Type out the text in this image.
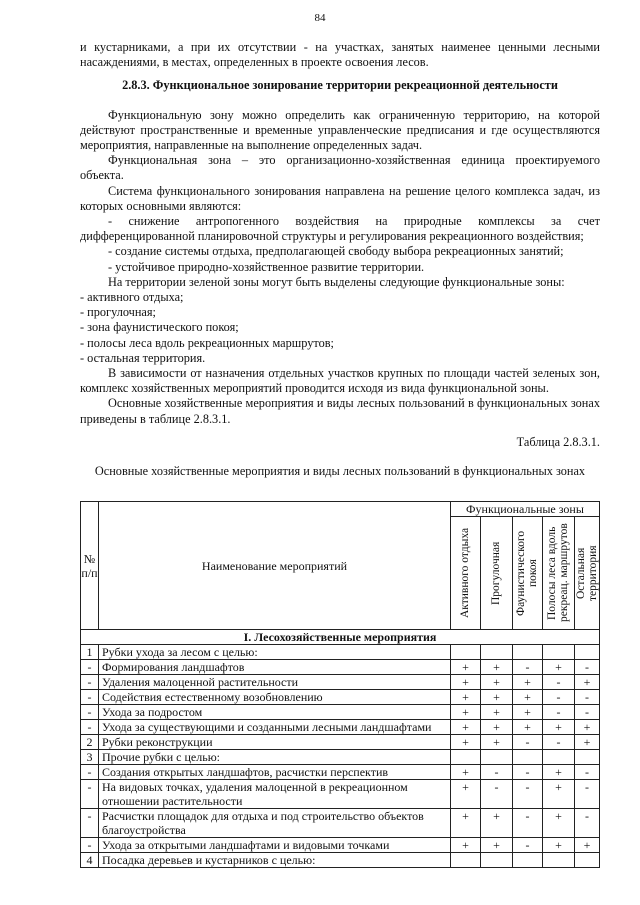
84

и кустарниками, а при их отсутствии - на участках, занятых наименее ценными лесными насаждениями, в местах, определенных в проекте освоения лесов.

2.8.3. Функциональное зонирование территории рекреационной деятельности

Функциональную зону можно определить как ограниченную территорию, на которой действуют пространственные и временные управленческие предписания и где осуществляются мероприятия, направленные на выполнение определенных задач.

Функциональная зона – это организационно-хозяйственная единица проектируемого объекта.

Система функционального зонирования направлена на решение целого комплекса задач, из которых основными являются:

- снижение антропогенного воздействия на природные комплексы за счет дифференцированной планировочной структуры и регулирования рекреационного воздействия;

- создание системы отдыха, предполагающей свободу выбора рекреационных занятий;

- устойчивое природно-хозяйственное развитие территории.

На территории зеленой зоны могут быть выделены следующие функциональные зоны:

- активного отдыха;

- прогулочная;

- зона фаунистического покоя;

- полосы леса вдоль рекреационных маршрутов;

- остальная территория.

В зависимости от назначения отдельных участков крупных по площади частей зеленых зон, комплекс хозяйственных мероприятий проводится исходя из вида функциональной зоны.

Основные хозяйственные мероприятия и виды лесных пользований в функциональных зонах приведены в таблице 2.8.3.1.

Таблица 2.8.3.1.

Основные хозяйственные мероприятия и виды лесных пользований в функциональных зонах

№ п/п	Наименование мероприятий	Функциональные зоны				

		Активного отдыха	Прогулочная	Фаунистического покоя	Полосы леса вдоль рекреац. маршрутов	Остальная территория

I. Лесохозяйственные мероприятия						
1	Рубки ухода за лесом с целью:					
-	Формирования ландшафтов	+	+	-	+	-
-	Удаления малоценной растительности	+	+	+	-	+
-	Содействия естественному возобновлению	+	+	+	-	-
-	Ухода за подростом	+	+	+	-	-
-	Ухода за существующими и созданными лесными ландшафтами	+	+	+	+	+
2	Рубки реконструкции	+	+	-	-	+
3	Прочие рубки с целью:					
-	Создания открытых ландшафтов, расчистки перспектив	+	-	-	+	-
-	На видовых точках, удаления малоценной в рекреационном отношении растительности	+	-	-	+	-
-	Расчистки площадок для отдыха и под строительство объектов благоустройства	+	+	-	+	-
-	Ухода за открытыми ландшафтами и видовыми точками	+	+	-	+	+
4	Посадка деревьев и кустарников с целью:					
